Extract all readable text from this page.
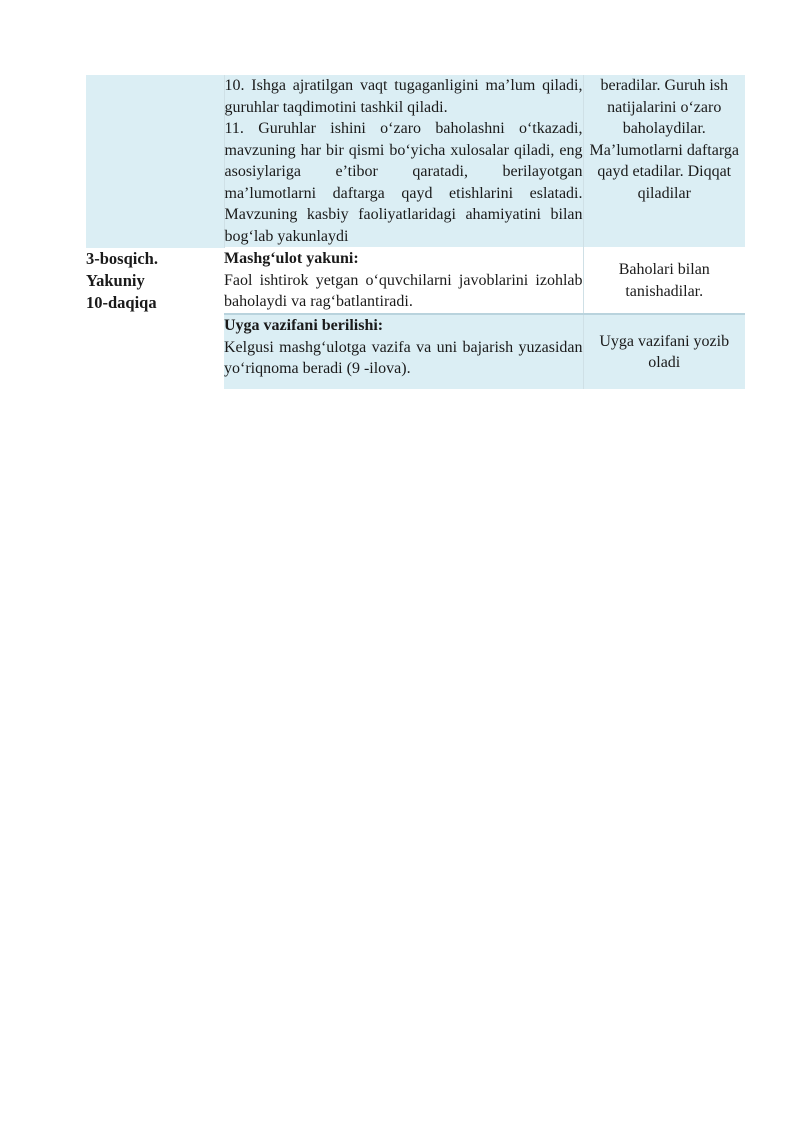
	10. Ishga ajratilgan vaqt tugaganligini ma’lum qiladi, guruhlar taqdimotini tashkil qiladi.
11. Guruhlar ishini o‘zaro baholashni o‘tkazadi, mavzuning har bir qismi bo‘yicha xulosalar qiladi, eng asosiylariga e’tibor qaratadi, berilayotgan ma’lumotlarni daftarga qayd etishlarini eslatadi. Mavzuning kasbiy faoliyatlaridagi ahamiyatini bilan bog‘lab yakunlaydi	beradilar. Guruh ish natijalarini o‘zaro baholaydilar. Ma’lumotlarni daftarga qayd etadilar. Diqqat qiladilar

3-bosqich.
Yakuniy
10-daqiqa	Mashg‘ulot yakuni:
Faol ishtirok yetgan o‘quvchilarni javoblarini izohlab baholaydi va rag‘batlantiradi.	Baholari bilan tanishadilar.

	Uyga vazifani berilishi:
Kelgusi mashg‘ulotga vazifa va uni bajarish yuzasidan yo‘riqnoma beradi (9 -ilova).	Uyga vazifani yozib oladi
